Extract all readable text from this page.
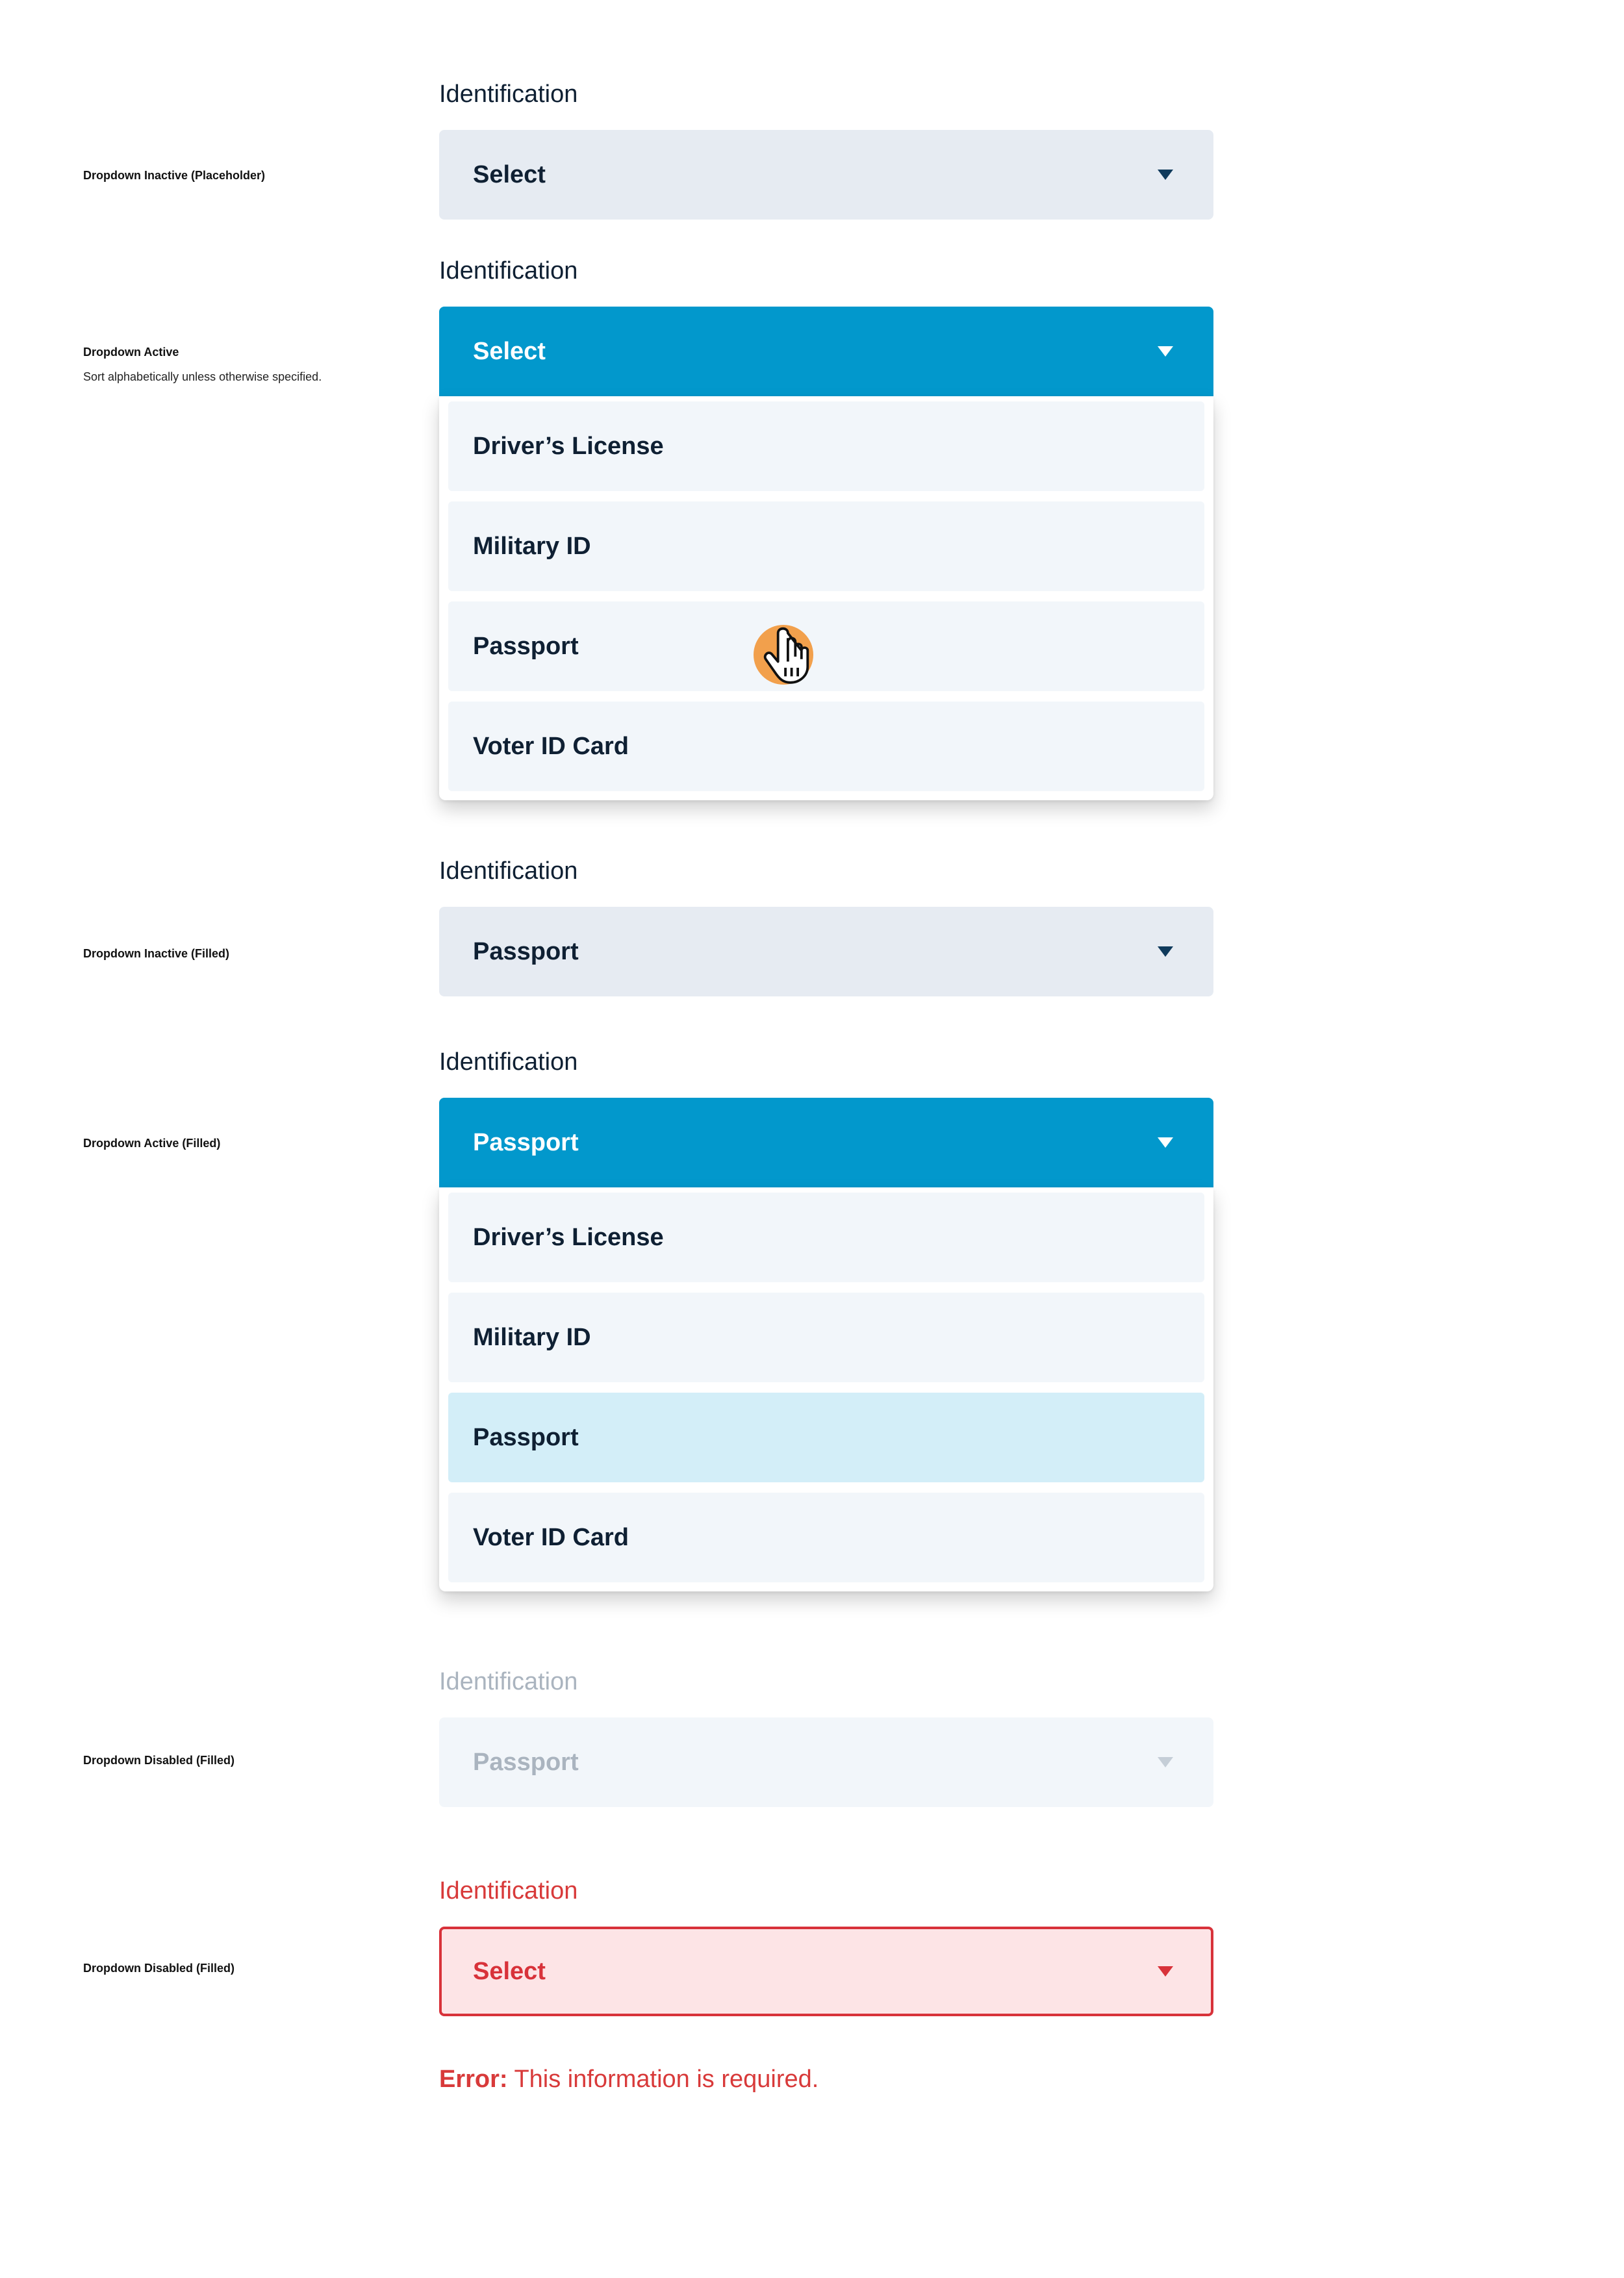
Dropdown Inactive (Placeholder)
Identification
Select
Dropdown Active
Sort alphabetically unless otherwise specified.
Identification
Select
Driver’s License
Military ID
Passport
Voter ID Card
Dropdown Inactive (Filled)
Identification
Passport
Dropdown Active (Filled)
Identification
Passport
Driver’s License
Military ID
Passport
Voter ID Card
Dropdown Disabled (Filled)
Identification
Passport
Dropdown Disabled (Filled)
Identification
Select
Error: This information is required.
